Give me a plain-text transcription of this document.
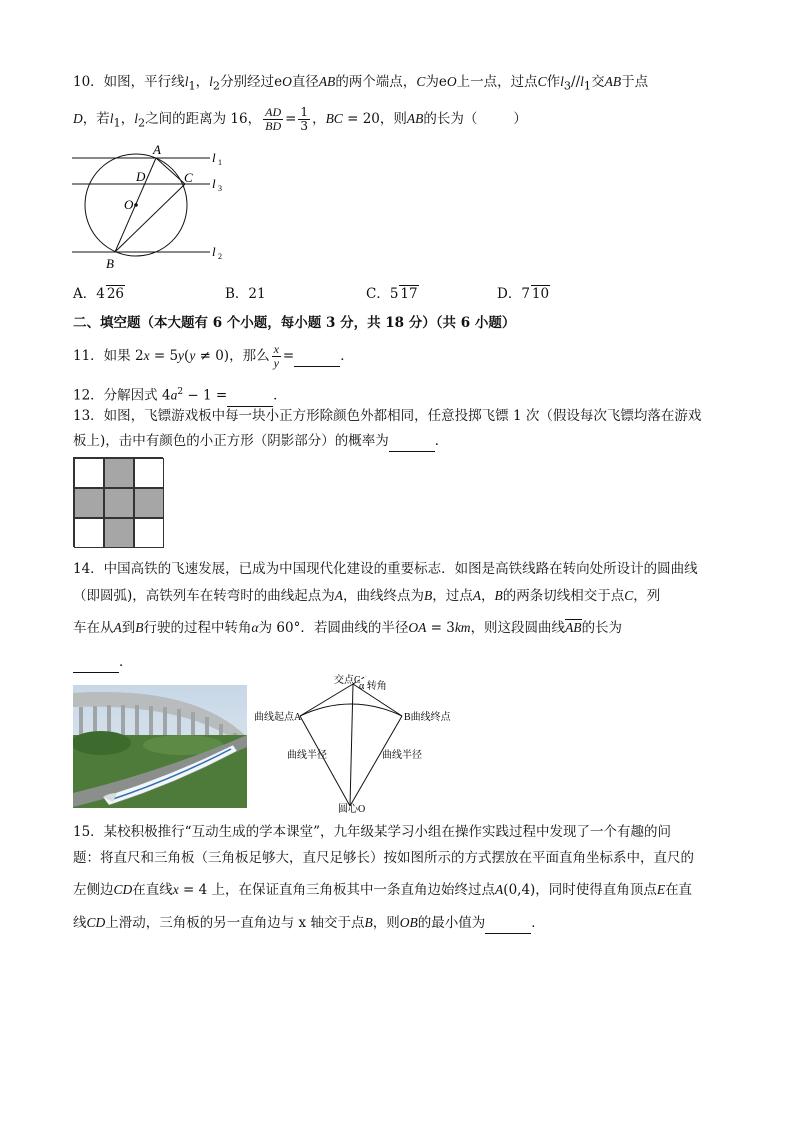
10．如图，平行线$l_1$，$l_2$分别经过eO直径AB的两个端点，C为eO上一点，过点C作$l_3//l_1$交AB于点
D，若$l_1$，$l_2$之间的距离为 16， $\frac{AD}{BD} = \frac{1}{3}$ ，BC = 20，则AB的长为（	）
A
B
C
D
O
l 1
l 3
l 2
A．4 26	B．21	C．5 17	D．7 10
二、填空题（本大题有 6 个小题，每小题 3 分，共 18 分）（共 6 小题）
11．如果 2x = 5y(y ≠ 0)，那么 $\frac{x}{y}$ =	．
12．分解因式 $4a^2 - 1$ =	．
13．如图，飞镖游戏板中每一块小正方形除颜色外都相同，任意投掷飞镖 1 次（假设每次飞镖均落在游戏
板上)，击中有颜色的小正方形（阴影部分）的概率为	．
14．中国高铁的飞速发展，已成为中国现代化建设的重要标志．如图是高铁线路在转向处所设计的圆曲线
（即圆弧)，高铁列车在转弯时的曲线起点为A，曲线终点为B，过点A，B的两条切线相交于点C，列
车在从A到B行驶的过程中转角α为 60°．若圆曲线的半径OA = 3km，则这段圆曲线AB的长为
．
交点C
α 转角
曲线起点A	B曲线终点
曲线半径	曲线半径
圆心O
15．某校积极推行“互动生成的学本课堂”，九年级某学习小组在操作实践过程中发现了一个有趣的问
题：将直尺和三角板（三角板足够大，直尺足够长）按如图所示的方式摆放在平面直角坐标系中，直尺的
左侧边CD在直线x = 4 上，在保证直角三角板其中一条直角边始终过点A(0,4)，同时使得直角顶点E在直
线CD上滑动，三角板的另一直角边与 x 轴交于点B，则OB的最小值为	．
